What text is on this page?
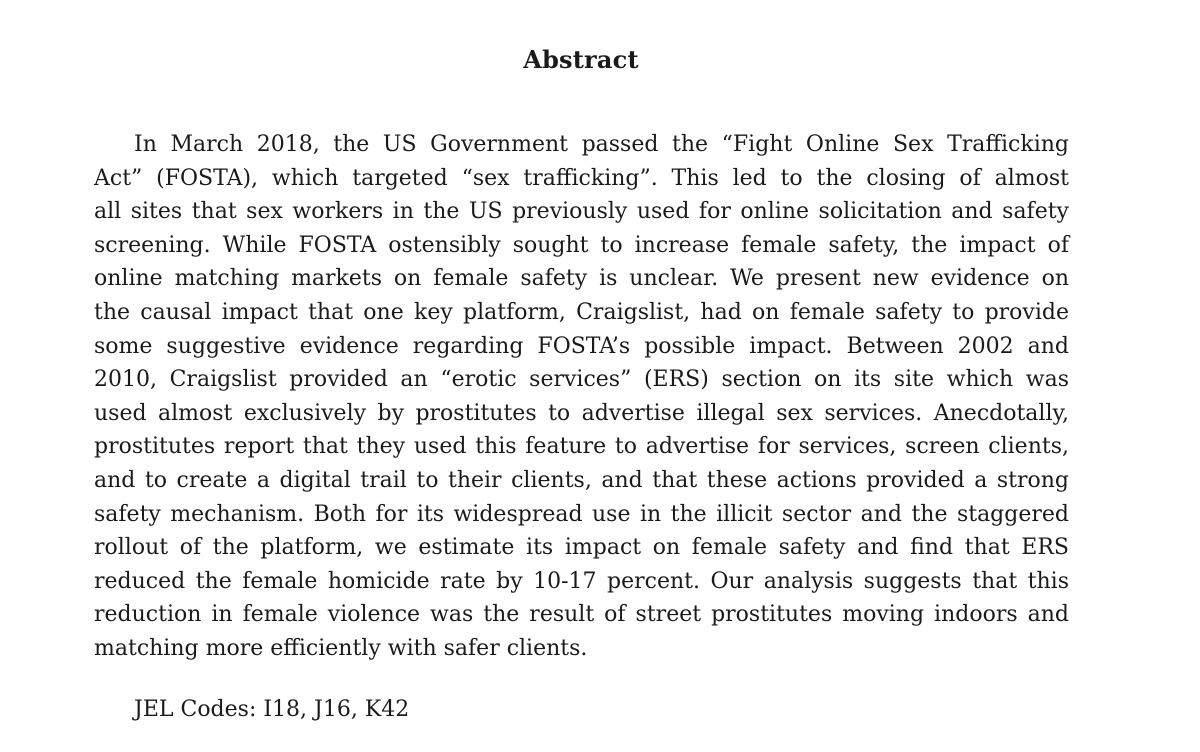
Abstract
In March 2018, the US Government passed the “Fight Online Sex Trafficking
Act” (FOSTA), which targeted “sex trafficking”. This led to the closing of almost
all sites that sex workers in the US previously used for online solicitation and safety
screening. While FOSTA ostensibly sought to increase female safety, the impact of
online matching markets on female safety is unclear. We present new evidence on
the causal impact that one key platform, Craigslist, had on female safety to provide
some suggestive evidence regarding FOSTA’s possible impact. Between 2002 and
2010, Craigslist provided an “erotic services” (ERS) section on its site which was
used almost exclusively by prostitutes to advertise illegal sex services. Anecdotally,
prostitutes report that they used this feature to advertise for services, screen clients,
and to create a digital trail to their clients, and that these actions provided a strong
safety mechanism. Both for its widespread use in the illicit sector and the staggered
rollout of the platform, we estimate its impact on female safety and find that ERS
reduced the female homicide rate by 10-17 percent. Our analysis suggests that this
reduction in female violence was the result of street prostitutes moving indoors and
matching more efficiently with safer clients.
JEL Codes: I18, J16, K42
